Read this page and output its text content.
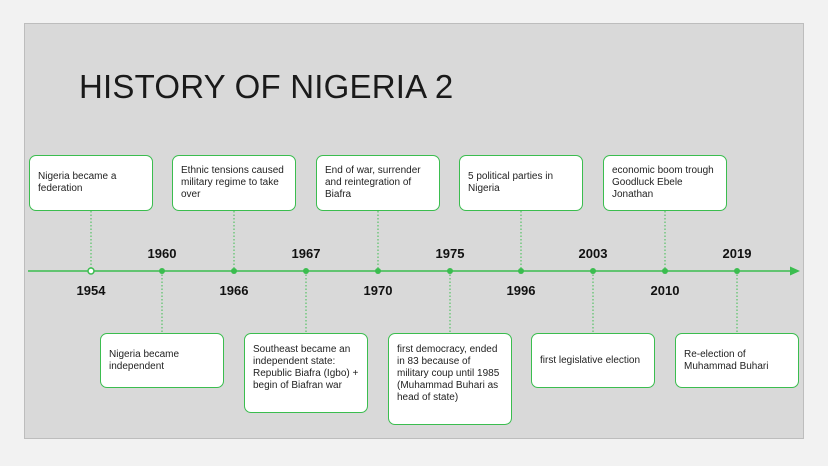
HISTORY OF NIGERIA 2
1954
1960
1966
1967
1970
1975
1996
2003
2010
2019
Nigeria became a federation
Ethnic tensions caused military regime to take over
End of war, surrender and reintegration of Biafra
5 political parties in Nigeria
economic boom trough Goodluck Ebele Jonathan
Nigeria became independent
Southeast became an independent state: Republic Biafra (Igbo) + begin of Biafran war
first democracy, ended in 83 because of military coup until 1985 (Muhammad Buhari as head of state)
first legislative election
Re-election of Muhammad Buhari
